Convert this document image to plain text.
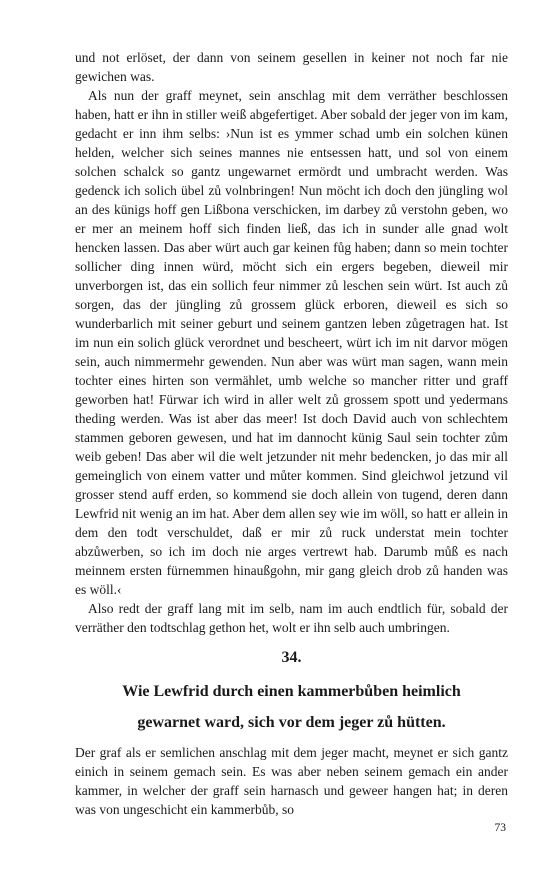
und not erlöset, der dann von seinem gesellen in keiner not noch far nie gewichen was.

Als nun der graff meynet, sein anschlag mit dem verräther beschlossen haben, hatt er ihn in stiller weiß abgefertiget. Aber sobald der jeger von im kam, gedacht er inn ihm selbs: ›Nun ist es ymmer schad umb ein solchen künen helden, welcher sich seines mannes nie entsessen hatt, und sol von einem solchen schalck so gantz ungewarnet ermördt und umbracht werden. Was gedenck ich solich übel zů volnbringen! Nun möcht ich doch den jüngling wol an des künigs hoff gen Lißbona verschicken, im darbey zů verstohn geben, wo er mer an meinem hoff sich finden ließ, das ich in sunder alle gnad wolt hencken lassen. Das aber würt auch gar keinen fůg haben; dann so mein tochter sollicher ding innen würd, möcht sich ein ergers begeben, dieweil mir unverborgen ist, das ein sollich feur nimmer zů leschen sein würt. Ist auch zů sorgen, das der jüngling zů grossem glück erboren, dieweil es sich so wunderbarlich mit seiner geburt und seinem gantzen leben zůgetragen hat. Ist im nun ein solich glück verordnet und bescheert, würt ich im nit darvor mögen sein, auch nimmermehr gewenden. Nun aber was würt man sagen, wann mein tochter eines hirten son vermählet, umb welche so mancher ritter und graff geworben hat! Fürwar ich wird in aller welt zů grossem spott und yedermans theding werden. Was ist aber das meer! Ist doch David auch von schlechtem stammen geboren gewesen, und hat im dannocht künig Saul sein tochter zům weib geben! Das aber wil die welt jetzunder nit mehr bedencken, jo das mir all gemeinglich von einem vatter und můter kommen. Sind gleichwol jetzund vil grosser stend auff erden, so kommend sie doch allein von tugend, deren dann Lewfrid nit wenig an im hat. Aber dem allen sey wie im wöll, so hatt er allein in dem den todt verschuldet, daß er mir zů ruck understat mein tochter abzůwerben, so ich im doch nie arges vertrewt hab. Darumb můß es nach meinnem ersten fürnemmen hinaußgohn, mir gang gleich drob zů handen was es wöll.‹

Also redt der graff lang mit im selb, nam im auch endtlich für, sobald der verräther den todtschlag gethon het, wolt er ihn selb auch umbringen.

34.
Wie Lewfrid durch einen kammerbůben heimlich
gewarnet ward, sich vor dem jeger zů hütten.

Der graf als er semlichen anschlag mit dem jeger macht, meynet er sich gantz einich in seinem gemach sein. Es was aber neben seinem gemach ein ander kammer, in welcher der graff sein harnasch und geweer hangen hat; in deren was von ungeschicht ein kammerbůb, so

73
